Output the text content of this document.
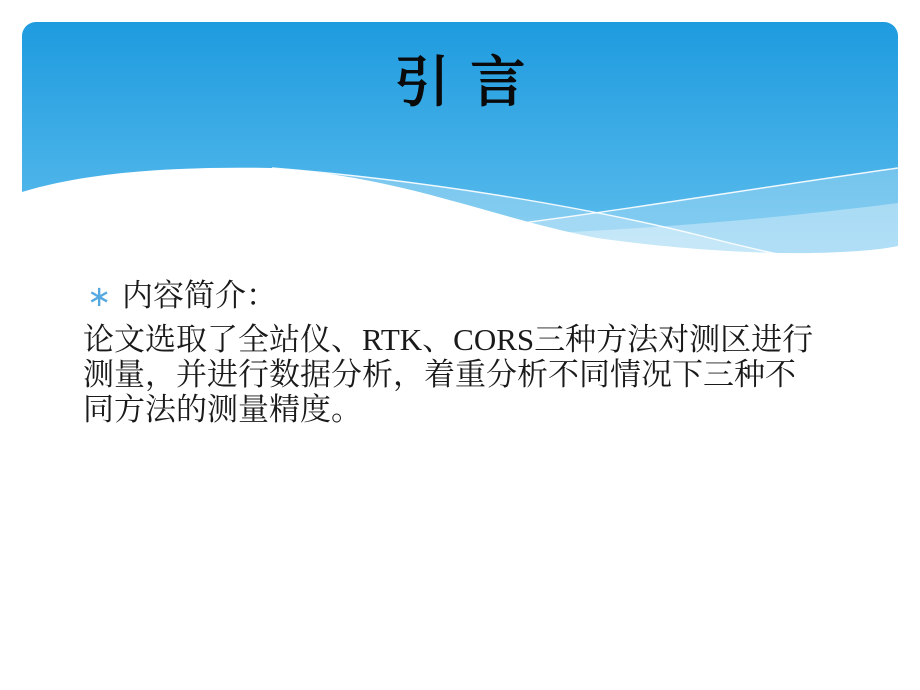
引言
∗ 内容简介：
论文选取了全站仪、RTK、CORS三种方法对测区进行
测量，并进行数据分析，着重分析不同情况下三种不
同方法的测量精度。
